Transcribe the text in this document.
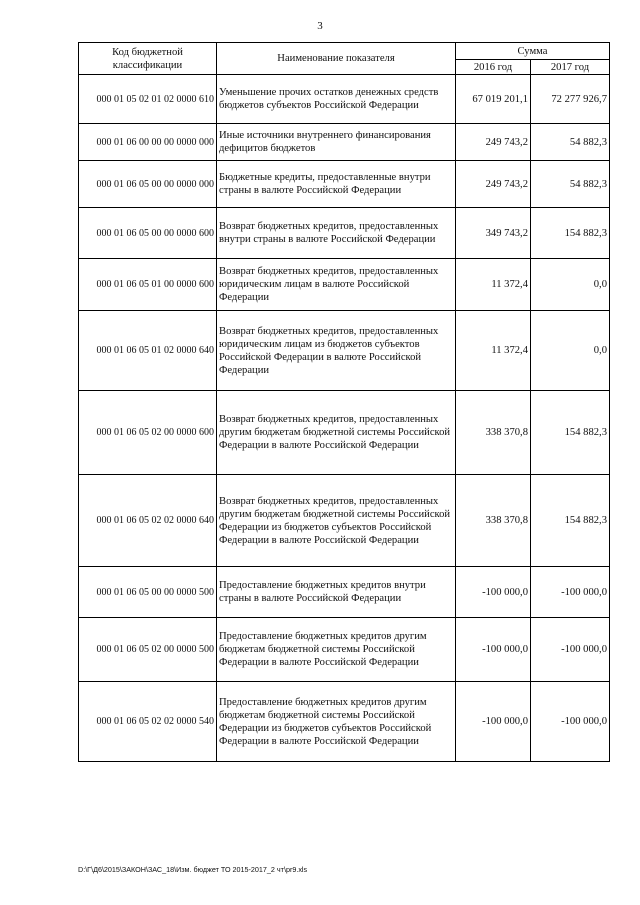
3
Код бюджетной классификации	Наименование показателя	Сумма	
		2016 год	2017 год
000 01 05 02 01 02 0000 610	Уменьшение прочих остатков денежных средств бюджетов субъектов Российской Федерации	67 019 201,1	72 277 926,7
000 01 06 00 00 00 0000 000	Иные источники внутреннего финансирования дефицитов бюджетов	249 743,2	54 882,3
000 01 06 05 00 00 0000 000	Бюджетные кредиты, предоставленные внутри страны в валюте Российской Федерации	249 743,2	54 882,3
000 01 06 05 00 00 0000 600	Возврат бюджетных кредитов, предоставленных внутри страны в валюте Российской Федерации	349 743,2	154 882,3
000 01 06 05 01 00 0000 600	Возврат бюджетных кредитов, предоставленных юридическим лицам в валюте Российской Федерации	11 372,4	0,0
000 01 06 05 01 02 0000 640	Возврат бюджетных кредитов, предоставленных юридическим лицам из бюджетов субъектов Российской Федерации в валюте Российской Федерации	11 372,4	0,0
000 01 06 05 02 00 0000 600	Возврат бюджетных кредитов, предоставленных другим бюджетам бюджетной системы Российской Федерации в валюте Российской Федерации	338 370,8	154 882,3
000 01 06 05 02 02 0000 640	Возврат бюджетных кредитов, предоставленных другим бюджетам бюджетной системы Российской Федерации из бюджетов субъектов Российской Федерации в валюте Российской Федерации	338 370,8	154 882,3
000 01 06 05 00 00 0000 500	Предоставление бюджетных кредитов внутри страны в валюте Российской Федерации	-100 000,0	-100 000,0
000 01 06 05 02 00 0000 500	Предоставление бюджетных кредитов другим бюджетам бюджетной системы Российской Федерации в валюте Российской Федерации	-100 000,0	-100 000,0
000 01 06 05 02 02 0000 540	Предоставление бюджетных кредитов другим бюджетам бюджетной системы Российской Федерации из бюджетов субъектов Российской Федерации в валюте Российской Федерации	-100 000,0	-100 000,0
D:\Г\Д6\2015\ЗАКОН\ЗАС_18\Изм. бюджет ТО 2015-2017_2 чт\pr9.xls
